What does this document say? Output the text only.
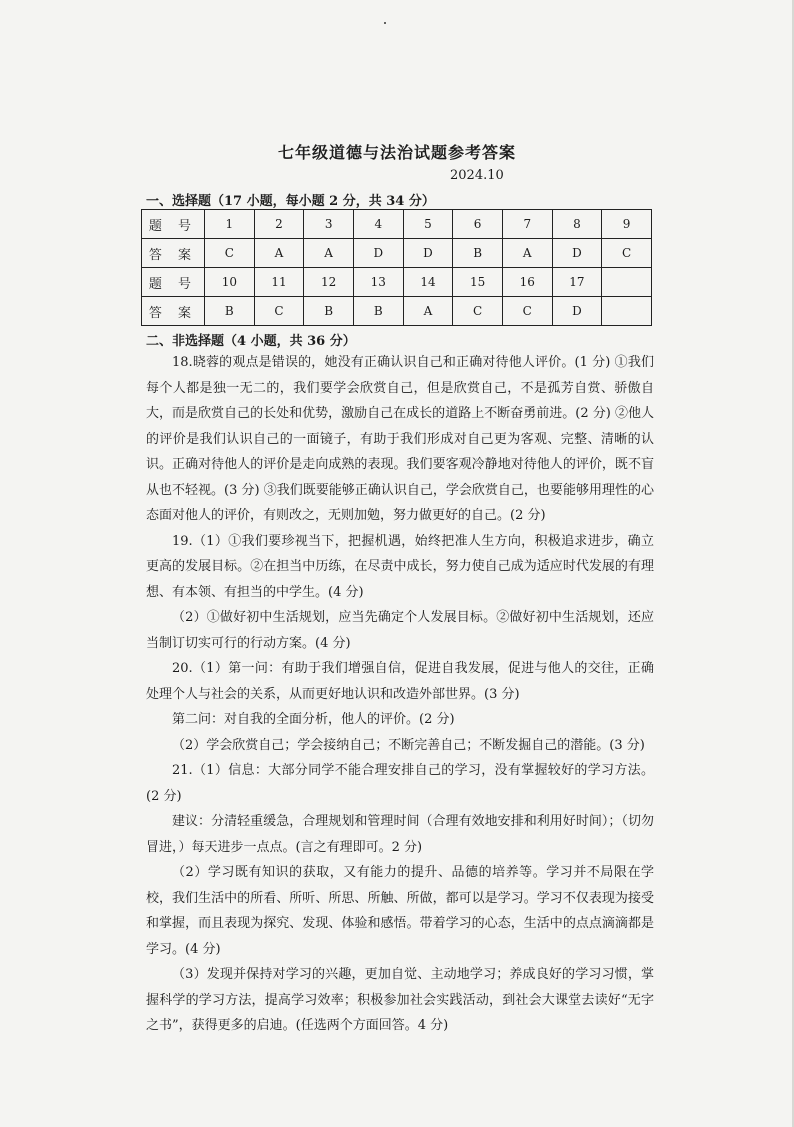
七年级道德与法治试题参考答案
2024.10
一、选择题（17 小题，每小题 2 分，共 34 分）
题 号	1	2	3	4	5	6	7	8	9
答 案	C	A	A	D	D	B	A	D	C
题 号	10	11	12	13	14	15	16	17	
答 案	B	C	B	B	A	C	C	D	
二、非选择题（4 小题，共 36 分）

18.晓蓉的观点是错误的，她没有正确认识自己和正确对待他人评价。(1 分) ①我们每个人都是独一无二的，我们要学会欣赏自己，但是欣赏自己，不是孤芳自赏、骄傲自大，而是欣赏自己的长处和优势，激励自己在成长的道路上不断奋勇前进。(2 分) ②他人的评价是我们认识自己的一面镜子，有助于我们形成对自己更为客观、完整、清晰的认识。正确对待他人的评价是走向成熟的表现。我们要客观冷静地对待他人的评价，既不盲从也不轻视。(3 分) ③我们既要能够正确认识自己，学会欣赏自己，也要能够用理性的心态面对他人的评价，有则改之，无则加勉，努力做更好的自己。(2 分)

19.（1）①我们要珍视当下，把握机遇，始终把准人生方向，积极追求进步，确立更高的发展目标。②在担当中历练，在尽责中成长，努力使自己成为适应时代发展的有理想、有本领、有担当的中学生。(4 分)

（2）①做好初中生活规划，应当先确定个人发展目标。②做好初中生活规划，还应当制订切实可行的行动方案。(4 分)

20.（1）第一问：有助于我们增强自信，促进自我发展，促进与他人的交往，正确处理个人与社会的关系，从而更好地认识和改造外部世界。(3 分)

第二问：对自我的全面分析，他人的评价。(2 分)

（2）学会欣赏自己；学会接纳自己；不断完善自己；不断发掘自己的潜能。(3 分)

21.（1）信息：大部分同学不能合理安排自己的学习，没有掌握较好的学习方法。(2 分)

建议：分清轻重缓急，合理规划和管理时间（合理有效地安排和利用好时间）；（切勿冒进，）每天进步一点点。(言之有理即可。2 分)

（2）学习既有知识的获取，又有能力的提升、品德的培养等。学习并不局限在学校，我们生活中的所看、所听、所思、所触、所做，都可以是学习。学习不仅表现为接受和掌握，而且表现为探究、发现、体验和感悟。带着学习的心态，生活中的点点滴滴都是学习。(4 分)

（3）发现并保持对学习的兴趣，更加自觉、主动地学习；养成良好的学习习惯，掌握科学的学习方法，提高学习效率；积极参加社会实践活动，到社会大课堂去读好“无字之书”，获得更多的启迪。(任选两个方面回答。4 分)
